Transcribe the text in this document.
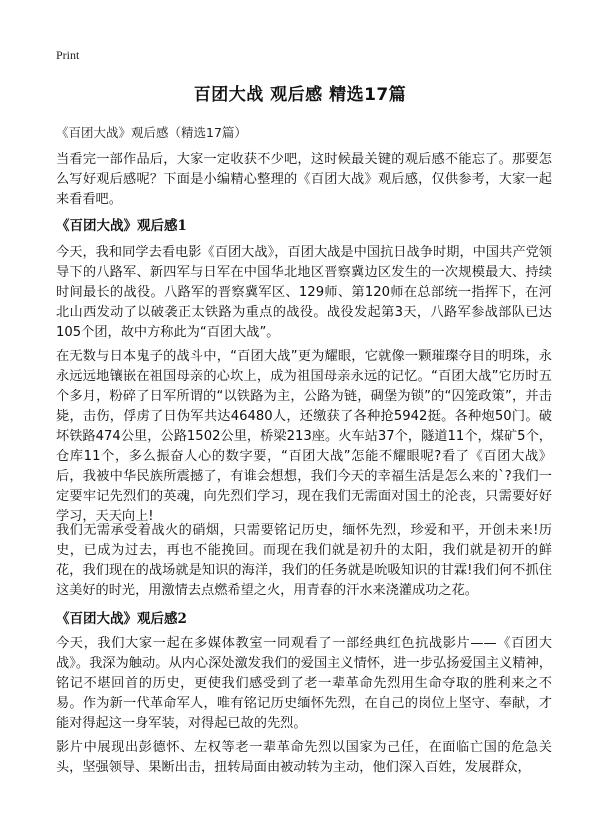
Print
百团大战 观后感 精选17篇
《百团大战》观后感（精选17篇）

当看完一部作品后，大家一定收获不少吧，这时候最关键的观后感不能忘了。那要怎么写好观后感呢？下面是小编精心整理的《百团大战》观后感，仅供参考，大家一起来看看吧。

《百团大战》观后感1

今天，我和同学去看电影《百团大战》，百团大战是中国抗日战争时期，中国共产党领导下的八路军、新四军与日军在中国华北地区晋察冀边区发生的一次规模最大、持续时间最长的战役。八路军的晋察冀军区、129师、第120师在总部统一指挥下，在河北山西发动了以破袭正太铁路为重点的战役。战役发起第3天，八路军参战部队已达105个团，故中方称此为“百团大战”。

在无数与日本鬼子的战斗中，“百团大战”更为耀眼，它就像一颗璀璨夺目的明珠，永永远远地镶嵌在祖国母亲的心坎上，成为祖国母亲永远的记忆。“百团大战”它历时五个多月，粉碎了日军所谓的“以铁路为主，公路为链，碉堡为锁”的“囚笼政策”，并击毙，击伤，俘虏了日伪军共达46480人，还缴获了各种抢5942挺。各种炮50门。破坏铁路474公里，公路1502公里，桥梁213座。火车站37个，隧道11个，煤矿5个，仓库11个，多么振奋人心的数字要，“百团大战”怎能不耀眼呢?看了《百团大战》后，我被中华民族所震撼了，有谁会想想，我们今天的幸福生活是怎么来的`?我们一定要牢记先烈们的英魂，向先烈们学习，现在我们无需面对国土的沦丧，只需要好好学习，天天向上!

我们无需承受着战火的硝烟，只需要铭记历史，缅怀先烈，珍爱和平，开创未来!历史，已成为过去，再也不能挽回。而现在我们就是初升的太阳，我们就是初开的鲜花，我们现在的战场就是知识的海洋，我们的任务就是吮吸知识的甘霖!我们何不抓住这美好的时光，用激情去点燃希望之火，用青春的汗水来浇灌成功之花。

《百团大战》观后感2

今天，我们大家一起在多媒体教室一同观看了一部经典红色抗战影片——《百团大战》。我深为触动。从内心深处激发我们的爱国主义情怀，进一步弘扬爱国主义精神，铭记不堪回首的历史，更使我们感受到了老一辈革命先烈用生命夺取的胜利来之不易。作为新一代革命军人，唯有铭记历史缅怀先烈，在自己的岗位上坚守、奉献，才能对得起这一身军装，对得起已故的先烈。

影片中展现出彭德怀、左权等老一辈革命先烈以国家为己任，在面临亡国的危急关头，坚强领导、果断出击，扭转局面由被动转为主动，他们深入百姓，发展群众，
